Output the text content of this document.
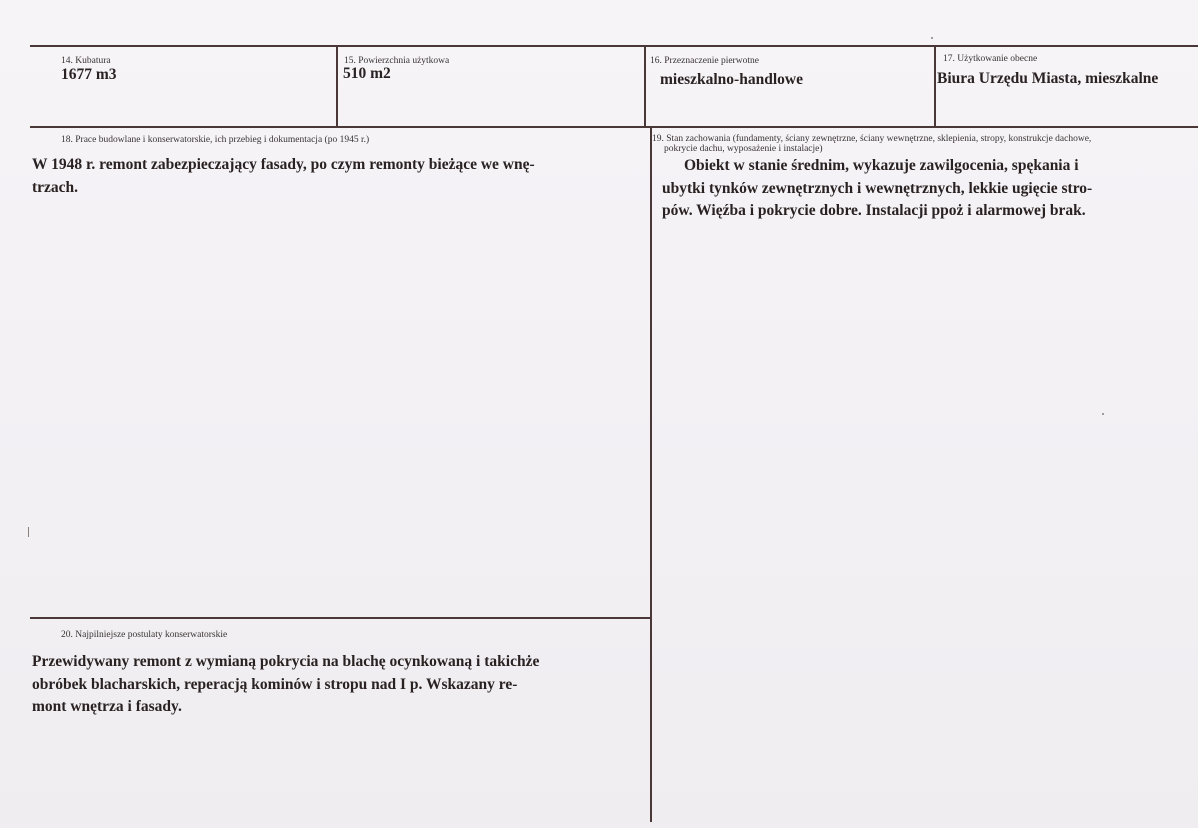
14. Kubatura
1677 m3
15. Powierzchnia użytkowa
510 m2
16. Przeznaczenie pierwotne
mieszkalno-handlowe
17. Użytkowanie obecne
Biura Urzędu Miasta, mieszkalne
18. Prace budowlane i konserwatorskie, ich przebieg i dokumentacja (po 1945 r.)
W 1948 r. remont zabezpieczający fasady, po czym remonty bieżące we wnę-
trzach.
19. Stan zachowania (fundamenty, ściany zewnętrzne, ściany wewnętrzne, sklepienia, stropy, konstrukcje dachowe,
pokrycie dachu, wyposażenie i instalacje)
Obiekt w stanie średnim, wykazuje zawilgocenia, spękania i
ubytki tynków zewnętrznych i wewnętrznych, lekkie ugięcie stro-
pów. Więźba i pokrycie dobre. Instalacji ppoż i alarmowej brak.
20. Najpilniejsze postulaty konserwatorskie
Przewidywany remont z wymianą pokrycia na blachę ocynkowaną i takichże
obróbek blacharskich, reperacją kominów i stropu nad I p. Wskazany re-
mont wnętrza i fasady.
